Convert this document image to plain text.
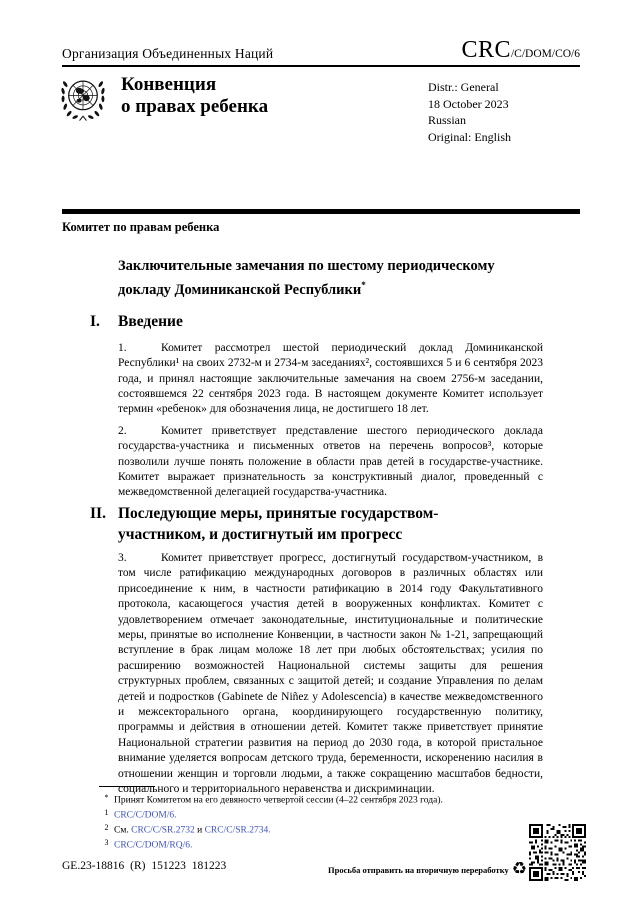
Организация Объединенных Наций	CRC/C/DOM/CO/6
Конвенция
о правах ребенка
Distr.: General
18 October 2023
Russian
Original: English
Комитет по правам ребенка
Заключительные замечания по шестому периодическому докладу Доминиканской Республики*
I.	Введение

1.	Комитет рассмотрел шестой периодический доклад Доминиканской Республики¹ на своих 2732-м и 2734-м заседаниях², состоявшихся 5 и 6 сентября 2023 года, и принял настоящие заключительные замечания на своем 2756-м заседании, состоявшемся 22 сентября 2023 года. В настоящем документе Комитет использует термин «ребенок» для обозначения лица, не достигшего 18 лет.

2.	Комитет приветствует представление шестого периодического доклада государства-участника и письменных ответов на перечень вопросов³, которые позволили лучше понять положение в области прав детей в государстве-участнике. Комитет выражает признательность за конструктивный диалог, проведенный с межведомственной делегацией государства-участника.

II. Последующие меры, принятые государством-участником, и достигнутый им прогресс

3.	Комитет приветствует прогресс, достигнутый государством-участником, в том числе ратификацию международных договоров в различных областях или присоединение к ним, в частности ратификацию в 2014 году Факультативного протокола, касающегося участия детей в вооруженных конфликтах. Комитет с удовлетворением отмечает законодательные, институциональные и политические меры, принятые во исполнение Конвенции, в частности закон № 1-21, запрещающий вступление в брак лицам моложе 18 лет при любых обстоятельствах; усилия по расширению возможностей Национальной системы защиты для решения структурных проблем, связанных с защитой детей; и создание Управления по делам детей и подростков (Gabinete de Niñez y Adolescencia) в качестве межведомственного и межсекторального органа, координирующего государственную политику, программы и действия в отношении детей. Комитет также приветствует принятие Национальной стратегии развития на период до 2030 года, в которой пристальное внимание уделяется вопросам детского труда, беременности, искоренению насилия в отношении женщин и торговли людьми, а также сокращению масштабов бедности, социального и территориального неравенства и дискриминации.

* Принят Комитетом на его девяносто четвертой сессии (4–22 сентября 2023 года).
1 CRC/C/DOM/6.
2 См. CRC/C/SR.2732 и CRC/C/SR.2734.
3 CRC/C/DOM/RQ/6.
GE.23-18816 (R) 151223 181223	Просьба отправить на вторичную переработку ♻
